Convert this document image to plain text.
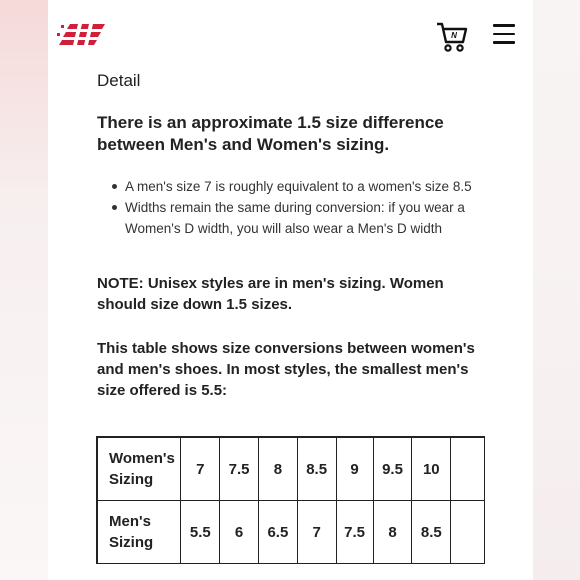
N
Detail

There is an approximate 1.5 size difference between Men's and Women's sizing.

A men's size 7 is roughly equivalent to a women's size 8.5
Widths remain the same during conversion: if you wear a Women's D width, you will also wear a Men's D width

NOTE: Unisex styles are in men's sizing. Women should size down 1.5 sizes.

This table shows size conversions between women's and men's shoes. In most styles, the smallest men's size offered is 5.5:

Women's Sizing	7	7.5	8	8.5	9	9.5	10	
Men's Sizing	5.5	6	6.5	7	7.5	8	8.5	
